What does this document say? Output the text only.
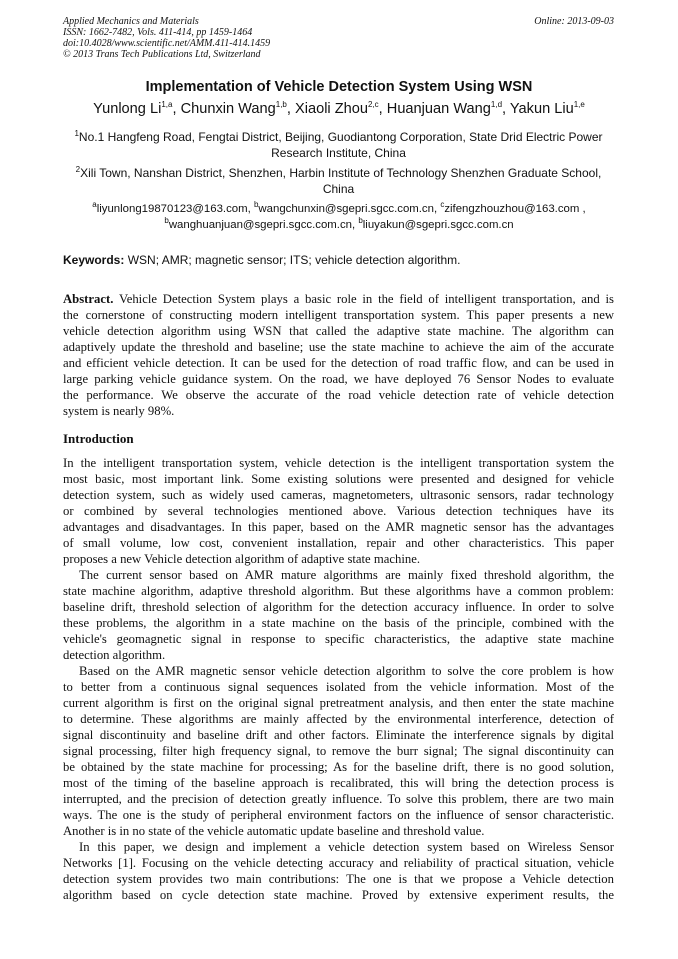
Applied Mechanics and Materials
ISSN: 1662-7482, Vols. 411-414, pp 1459-1464
doi:10.4028/www.scientific.net/AMM.411-414.1459
© 2013 Trans Tech Publications Ltd, Switzerland
Online: 2013-09-03
Implementation of Vehicle Detection System Using WSN
Yunlong Li$^{1,a}$, Chunxin Wang$^{1,b}$, Xiaoli Zhou$^{2,c}$, Huanjuan Wang$^{1,d}$, Yakun Liu$^{1,e}$
$^1$No.1 Hangfeng Road, Fengtai District, Beijing, Guodiantong Corporation, State Drid Electric Power
Research Institute, China
$^2$Xili Town, Nanshan District, Shenzhen, Harbin Institute of Technology Shenzhen Graduate School,
China
$^a$liyunlong19870123@163.com, $^b$wangchunxin@sgepri.sgcc.com.cn, $^c$zifengzhouzhou@163.com ,
$^b$wanghuanjuan@sgepri.sgcc.com.cn, $^b$liuyakun@sgepri.sgcc.com.cn
Keywords: WSN; AMR; magnetic sensor; ITS; vehicle detection algorithm.

Abstract. Vehicle Detection System plays a basic role in the field of intelligent transportation, and is

the cornerstone of constructing modern intelligent transportation system. This paper presents a new

vehicle detection algorithm using WSN that called the adaptive state machine. The algorithm can

adaptively update the threshold and baseline; use the state machine to achieve the aim of the accurate

and efficient vehicle detection. It can be used for the detection of road traffic flow, and can be used in

large parking vehicle guidance system. On the road, we have deployed 76 Sensor Nodes to evaluate

the performance. We observe the accurate of the road vehicle detection rate of vehicle detection

system is nearly 98%.

Introduction

In the intelligent transportation system, vehicle detection is the intelligent transportation system the

most basic, most important link. Some existing solutions were presented and designed for vehicle

detection system, such as widely used cameras, magnetometers, ultrasonic sensors, radar technology

or combined by several technologies mentioned above. Various detection techniques have its

advantages and disadvantages. In this paper, based on the AMR magnetic sensor has the advantages

of small volume, low cost, convenient installation, repair and other characteristics. This paper

proposes a new Vehicle detection algorithm of adaptive state machine.

The current sensor based on AMR mature algorithms are mainly fixed threshold algorithm, the

state machine algorithm, adaptive threshold algorithm. But these algorithms have a common problem:

baseline drift, threshold selection of algorithm for the detection accuracy influence. In order to solve

these problems, the algorithm in a state machine on the basis of the principle, combined with the

vehicle's geomagnetic signal in response to specific characteristics, the adaptive state machine

detection algorithm.

Based on the AMR magnetic sensor vehicle detection algorithm to solve the core problem is how

to better from a continuous signal sequences isolated from the vehicle information. Most of the

current algorithm is first on the original signal pretreatment analysis, and then enter the state machine

to determine. These algorithms are mainly affected by the environmental interference, detection of

signal discontinuity and baseline drift and other factors. Eliminate the interference signals by digital

signal processing, filter high frequency signal, to remove the burr signal; The signal discontinuity can

be obtained by the state machine for processing; As for the baseline drift, there is no good solution,

most of the timing of the baseline approach is recalibrated, this will bring the detection process is

interrupted, and the precision of detection greatly influence. To solve this problem, there are two main

ways. The one is the study of peripheral environment factors on the influence of sensor characteristic.

Another is in no state of the vehicle automatic update baseline and threshold value.

In this paper, we design and implement a vehicle detection system based on Wireless Sensor

Networks [1]. Focusing on the vehicle detecting accuracy and reliability of practical situation, vehicle

detection system provides two main contributions: The one is that we propose a Vehicle detection

algorithm based on cycle detection state machine. Proved by extensive experiment results, the
